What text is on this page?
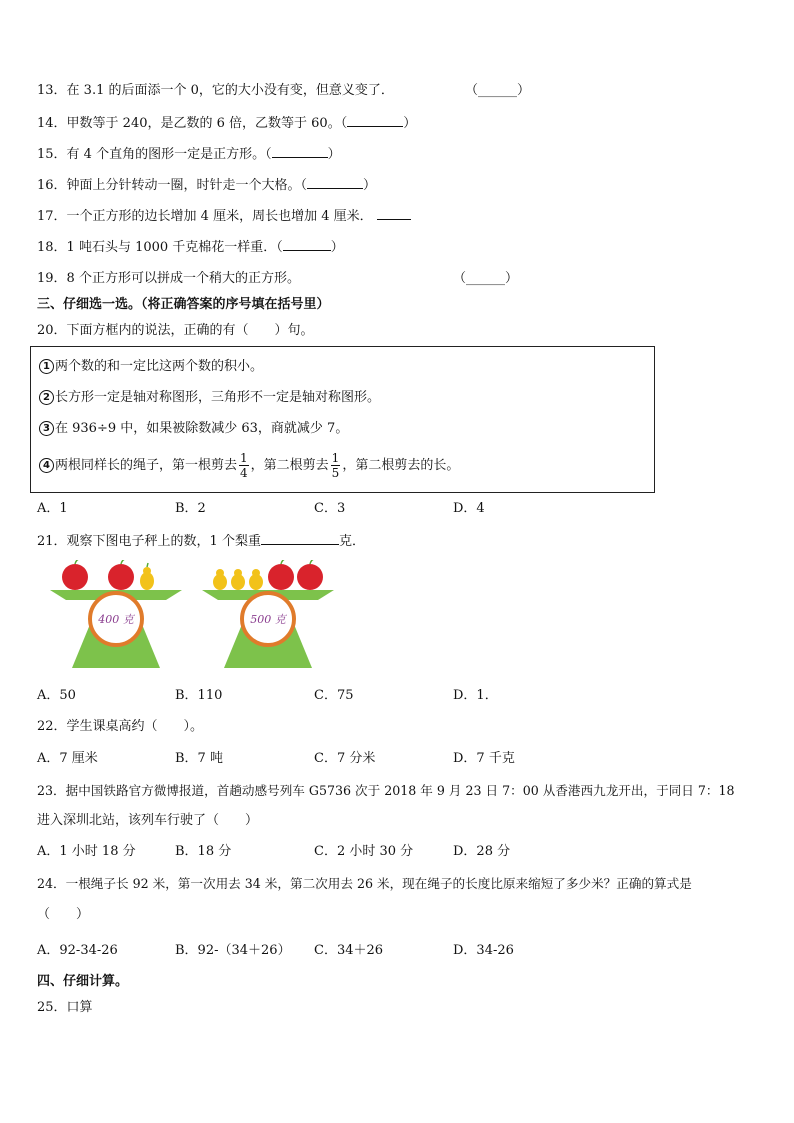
13．在 3.1 的后面添一个 0，它的大小没有变，但意义变了．	（______）
14．甲数等于 240，是乙数的 6 倍，乙数等于 60。（	）
15．有 4 个直角的图形一定是正方形。（	）
16．钟面上分针转动一圈，时针走一个大格。（	）
17．一个正方形的边长增加 4 厘米，周长也增加 4 厘米．
18．1 吨石头与 1000 千克棉花一样重．（	）
19．8 个正方形可以拼成一个稍大的正方形。	（______）
三、仔细选一选。（将正确答案的序号填在括号里）
20．下面方框内的说法，正确的有（　　）句。
1 两个数的和一定比这两个数的积小。
2 长方形一定是轴对称图形，三角形不一定是轴对称图形。
3 在 936÷9 中，如果被除数减少 63，商就减少 7。
4 两根同样长的绳子，第一根剪去 $\frac{1}{4}$ ，第二根剪去 $\frac{1}{5}$ ，第二根剪去的长。
A．1	B．2	C．3	D．4
21．观察下图电子秤上的数，1 个梨重	克．
400 克	500 克
A．50	B．110	C．75	D．1．
22．学生课桌高约（　　）。
A．7 厘米	B．7 吨	C．7 分米	D．7 千克
23．据中国铁路官方微博报道，首趟动感号列车 G5736 次于 2018 年 9 月 23 日 7：00 从香港西九龙开出，于同日 7：18
进入深圳北站，该列车行驶了（　　）
A．1 小时 18 分	B．18 分	C．2 小时 30 分	D．28 分
24．一根绳子长 92 米，第一次用去 34 米，第二次用去 26 米，现在绳子的长度比原来缩短了多少米？正确的算式是
（　　）
A．92-34-26	B．92-（34＋26） C．34＋26	D．34-26
四、仔细计算。
25．口算
